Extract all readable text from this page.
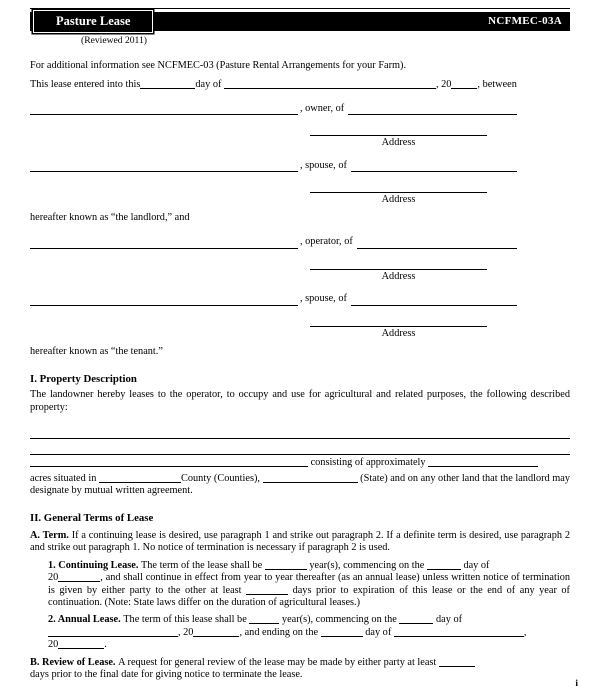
Pasture Lease	NCFMEC-03A
(Reviewed 2011)

For additional information see NCFMEC-03 (Pasture Rental Arrangements for your Farm).

This lease entered into this	day of	, 20	, between

, owner, of
Address
, spouse, of
Address

hereafter known as “the landlord,” and

, operator, of
Address
, spouse, of
Address

hereafter known as “the tenant.”

I. Property Description

The landowner hereby leases to the operator, to occupy and use for agricultural and related purposes, the following described property:

consisting of approximately

acres situated in	County (Counties),	(State) and on any other land that the landlord may designate by mutual written agreement.

II. General Terms of Lease

A. Term. If a continuing lease is desired, use paragraph 1 and strike out paragraph 2. If a definite term is desired, use paragraph 2 and strike out paragraph 1. No notice of termination is necessary if paragraph 2 is used.

1. Continuing Lease. The term of the lease shall be	year(s), commencing on the	day of
20	, and shall continue in effect from year to year thereafter (as an annual lease) unless written notice of termination is given by either party to the other at least	days prior to expiration of this lease or the end of any year of continuation. (Note: State laws differ on the duration of agricultural leases.)

2. Annual Lease. The term of this lease shall be	year(s), commencing on the	day of
, 20	, and ending on the	day of	,
20	.

B. Review of Lease. A request for general review of the lease may be made by either party at least
days prior to the final date for giving notice to terminate the lease.

i
